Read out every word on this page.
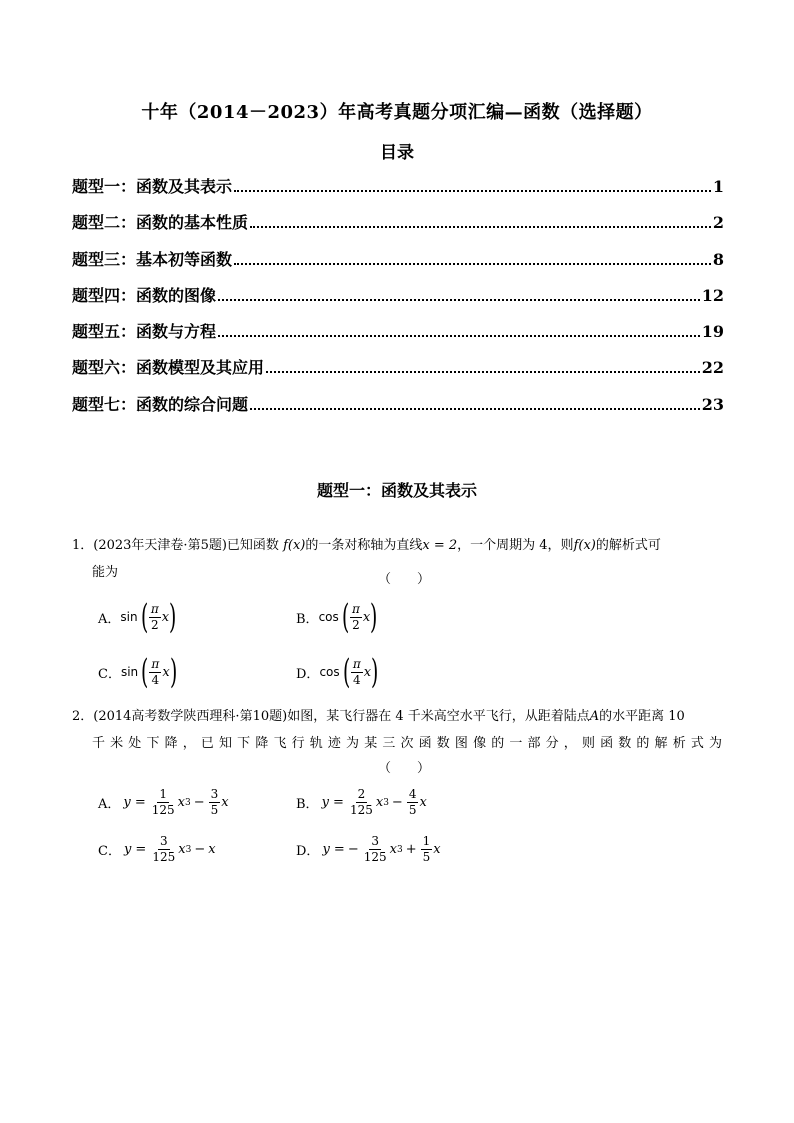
十年（2014－2023）年高考真题分项汇编—函数（选择题）
目录
题型一：函数及其表示	1
题型二：函数的基本性质	2
题型三：基本初等函数	8
题型四：函数的图像	12
题型五：函数与方程	19
题型六：函数模型及其应用	22
题型七：函数的综合问题	23
题型一：函数及其表示
1．(2023年天津卷·第5题)已知函数 f(x)的一条对称轴为直线x = 2，一个周期为 4，则f(x)的解析式可
能为	（　　）
A． sin ( $\frac{\pi}{2}$ x )	B． cos ( $\frac{\pi}{2}$ x )
C． sin ( $\frac{\pi}{4}$ x )	D． cos ( $\frac{\pi}{4}$ x )
2．(2014高考数学陕西理科·第10题)如图，某飞行器在 4 千米高空水平飞行，从距着陆点A的水平距离 10
千米处下降，已知下降飞行轨迹为某三次函数图像的一部分，则函数的解析式为
（　　）
A． $y = \frac{1}{125}$ x $3 - \frac{3}{5}$ x	B． $y = \frac{2}{125}$ x $3 - \frac{4}{5}$ x
C． $y = \frac{3}{125}$ x 3 − x	D． y = − $\frac{3}{125}$ x $3 + \frac{1}{5}$ x
